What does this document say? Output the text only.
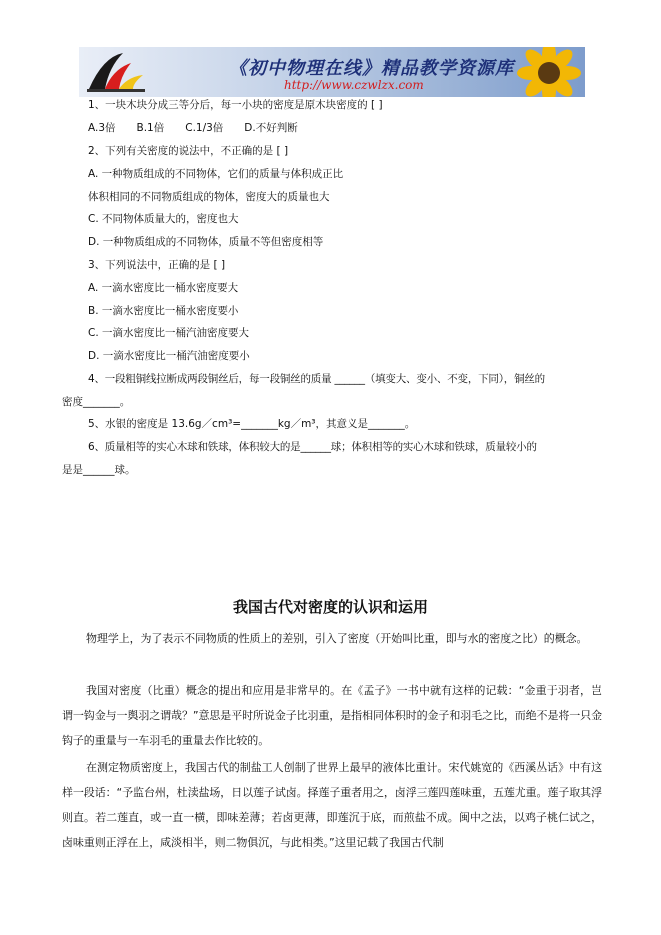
《初中物理在线》精品教学资源库
http://www.czwlzx.com
1、一块木块分成三等分后，每一小块的密度是原木块密度的 [ ]
A.3倍　　B.1倍　　C.1/3倍　　D.不好判断
2、下列有关密度的说法中，不正确的是 [ ]
A. 一种物质组成的不同物体，它们的质量与体积成正比
体积相同的不同物质组成的物体，密度大的质量也大
C. 不同物体质量大的，密度也大
D. 一种物质组成的不同物体，质量不等但密度相等
3、下列说法中，正确的是 [ ]
A. 一滴水密度比一桶水密度要大
B. 一滴水密度比一桶水密度要小
C. 一滴水密度比一桶汽油密度要大
D. 一滴水密度比一桶汽油密度要小
4、一段粗铜线拉断成两段铜丝后，每一段铜丝的质量 ______（填变大、变小、不变，下同），铜丝的
密度_______。
5、水银的密度是 13.6g／cm³=_______kg／m³，其意义是_______。
6、质量相等的实心木球和铁球，体积较大的是______球；体积相等的实心木球和铁球，质量较小的
是是______球。
我国古代对密度的认识和运用
物理学上，为了表示不同物质的性质上的差别，引入了密度（开始叫比重，即与水的密度之比）的概念。
我国对密度（比重）概念的提出和应用是非常早的。在《孟子》一书中就有这样的记载：“金重于羽者，岂谓一钩金与一舆羽之谓哉？”意思是平时所说金子比羽重，是指相同体积时的金子和羽毛之比，而绝不是将一只金钩子的重量与一车羽毛的重量去作比较的。
在测定物质密度上，我国古代的制盐工人创制了世界上最早的液体比重计。宋代姚宽的《西溪丛话》中有这样一段话：“予监台州，杜渎盐场，日以莲子试卤。择莲子重者用之，卤浮三莲四莲味重，五莲尤重。莲子取其浮则直。若二莲直，或一直一横，即味差薄；若卤更薄，即莲沉于底，而煎盐不成。闽中之法，以鸡子桃仁试之，卤味重则正浮在上，咸淡相半，则二物俱沉，与此相类。”这里记载了我国古代制
